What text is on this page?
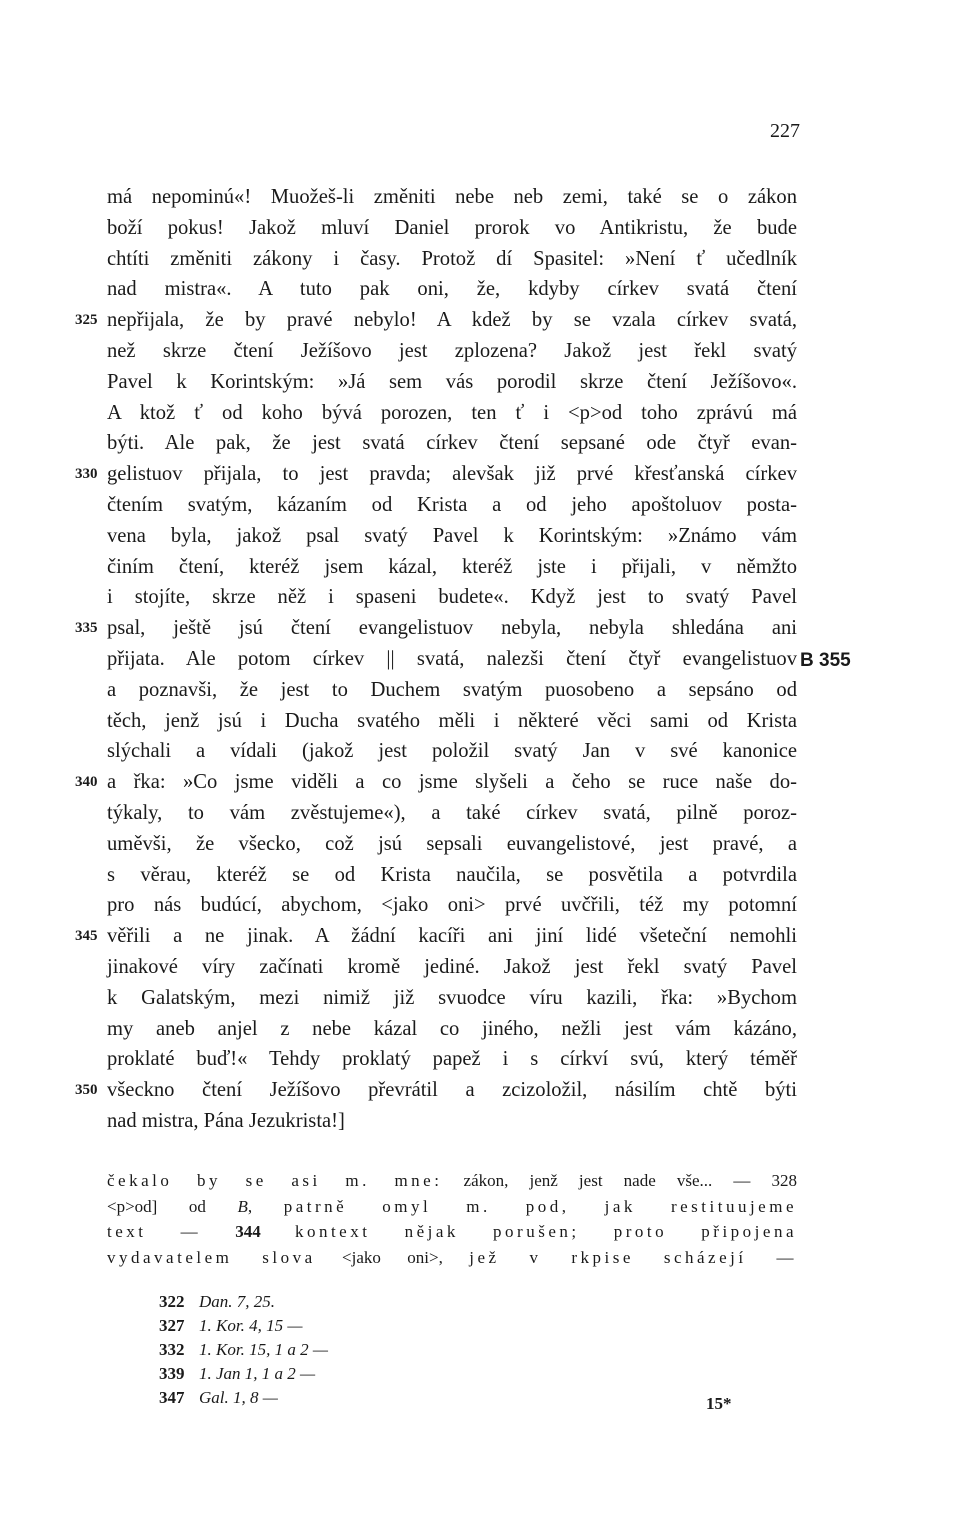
227
má nepominú«! Muožeš-li změniti nebe neb zemi, také se o zákon
boží pokus! Jakož mluví Daniel prorok vo Antikristu, že bude
chtíti změniti zákony i časy. Protož dí Spasitel: »Není ť učedlník
nad mistra«. A tuto pak oni, že, kdyby církev svatá čtení
325 nepřijala, že by pravé nebylo! A kdež by se vzala církev svatá,
než skrze čtení Ježíšovo jest zplozena? Jakož jest řekl svatý
Pavel k Korintským: »Já sem vás porodil skrze čtení Ježíšovo«.
A ktož ť od koho bývá porozen, ten ť i <p>od toho zprávú má
býti. Ale pak, že jest svatá církev čtení sepsané ode čtyř evan-
330 gelistuov přijala, to jest pravda; alevšak již prvé křesťanská církev
čtením svatým, kázaním od Krista a od jeho apoštoluov posta-
vena byla, jakož psal svatý Pavel k Korintským: »Známo vám
činím čtení, kteréž jsem kázal, kteréž jste i přijali, v němžto
i stojíte, skrze něž i spaseni budete«. Když jest to svatý Pavel
335 psal, ještě jsú čtení evangelistuov nebyla, nebyla shledána ani
přijata. Ale potom církev || svatá, nalezši čtení čtyř evangelistuov
a poznavši, že jest to Duchem svatým puosobeno a sepsáno od
těch, jenž jsú i Ducha svatého měli i některé věci sami od Krista
slýchali a vídali (jakož jest položil svatý Jan v své kanonice
340 a řka: »Co jsme viděli a co jsme slyšeli a čeho se ruce naše do-
týkaly, to vám zvěstujeme«), a také církev svatá, pilně poroz-
uměvši, že všecko, což jsú sepsali euvangelistové, jest pravé, a
s věrau, kteréž se od Krista naučila, se posvětila a potvrdila
pro nás budúcí, abychom, <jako oni> prvé uvčřili, též my potomní
345 věřili a ne jinak. A žádní kacíři ani jiní lidé všeteční nemohli
jinakové víry začínati kromě jediné. Jakož jest řekl svatý Pavel
k Galatským, mezi nimiž již svuodce víru kazili, řka: »Bychom
my aneb anjel z nebe kázal co jiného, nežli jest vám kázáno,
proklaté buď!« Tehdy proklatý papež i s církví svú, který téměř
350 všeckno čtení Ježíšovo převrátil a zcizoložil, násilím chtě býti
nad mistra, Pána Jezukrista!]
B 355
čekalo by se asi m. mne: zákon, jenž jest nade vše... — 328
<p>od] od B, patrně omyl m. pod, jak restituujeme
text — 344 kontext nějak porušen; proto připojena
vydavatelem slova <jako oni>, jež v rkpise scházejí —
322 Dan. 7, 25.
327 1. Kor. 4, 15 —
332 1. Kor. 15, 1 a 2 —
339 1. Jan 1, 1 a 2 —
347 Gal. 1, 8 —	15*
